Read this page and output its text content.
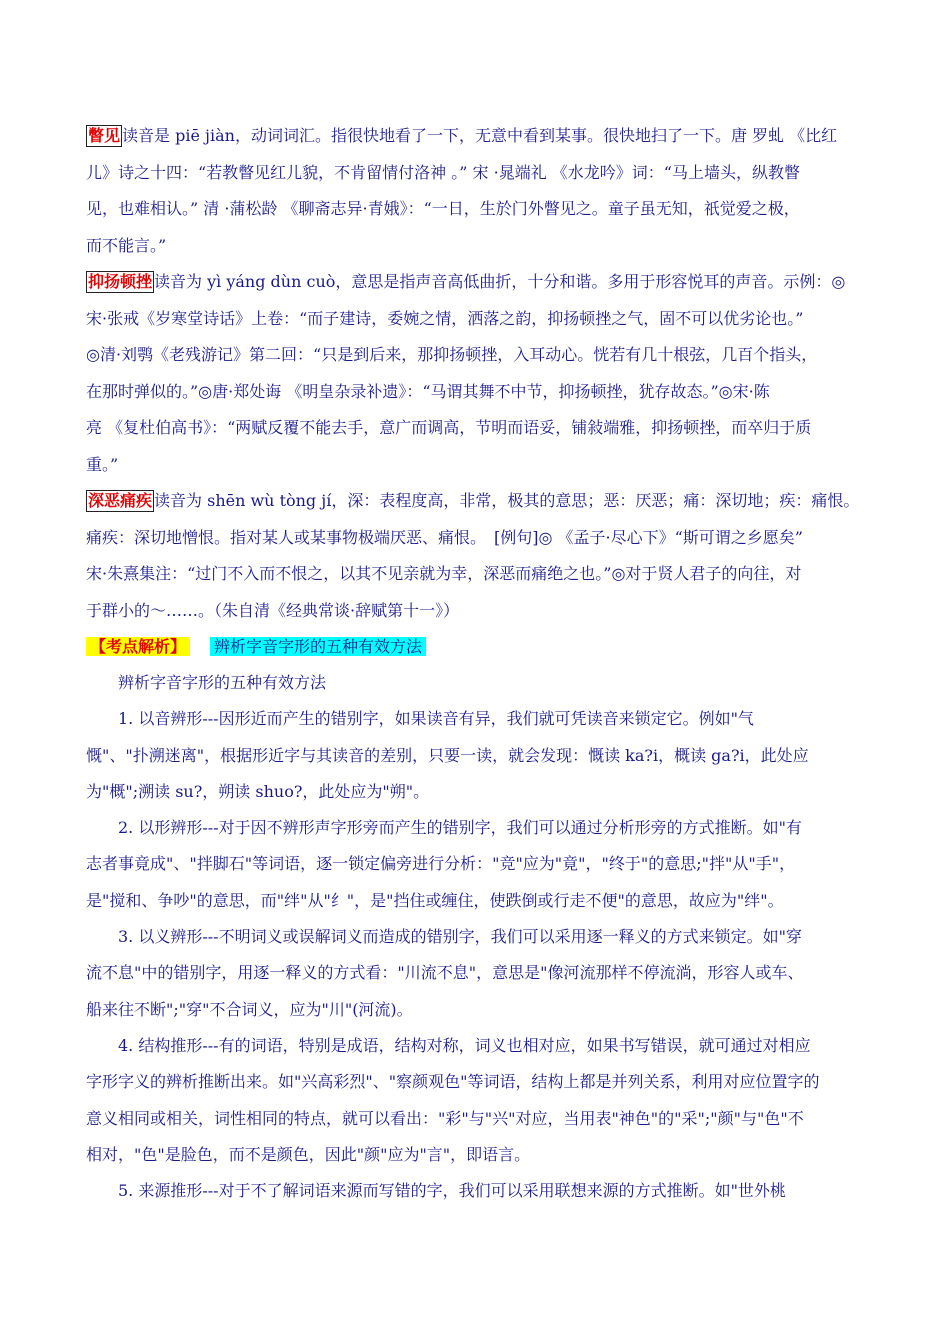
瞥见 读音是 piē jiàn，动词词汇。指很快地看了一下，无意中看到某事。很快地扫了一下。唐 罗虬 《比红
儿》诗之十四：“若教瞥见红儿貌，不肯留情付洛神 。” 宋 ·晁端礼 《水龙吟》词：“马上墙头，纵教瞥
见，也难相认。” 清 ·蒲松龄 《聊斋志异·青娥》：“一日，生於门外瞥见之。童子虽无知，祇觉爱之极，
而不能言。”
抑扬顿挫 读音为 yì yáng dùn cuò，意思是指声音高低曲折，十分和谐。多用于形容悦耳的声音。示例：◎
宋·张戒《岁寒堂诗话》上卷：“而子建诗，委婉之情，洒落之韵，抑扬顿挫之气，固不可以优劣论也。”
◎清·刘鹗《老残游记》第二回：“只是到后来，那抑扬顿挫，入耳动心。恍若有几十根弦，几百个指头，
在那时弹似的。”◎唐·郑处诲 《明皇杂录补遗》：“马谓其舞不中节，抑扬顿挫，犹存故态。”◎宋·陈
亮 《复杜伯高书》：“两赋反覆不能去手，意广而调高，节明而语妥，铺敍端雅，抑扬顿挫，而卒归于质
重。”
深恶痛疾 读音为 shēn wù tòng jí，深：表程度高，非常，极其的意思；恶：厌恶；痛：深切地；疾：痛恨。
痛疾：深切地憎恨。指对某人或某事物极端厌恶、痛恨。　[例句]◎ 《孟子·尽心下》“斯可谓之乡愿矣”
宋·朱熹集注：“过门不入而不恨之，以其不见亲就为幸，深恶而痛绝之也。”◎对于贤人君子的向往，对
于群小的～……。（朱自清《经典常谈·辞赋第十一》）
【考点解析】 辨析字音字形的五种有效方法
辨析字音字形的五种有效方法
1. 以音辨形---因形近而产生的错别字，如果读音有异，我们就可凭读音来锁定它。例如"气
慨"、"扑溯迷离"，根据形近字与其读音的差别，只要一读，就会发现：慨读 ka?i，概读 ga?i，此处应
为"概";溯读 su?，朔读 shuo?，此处应为"朔"。
2. 以形辨形---对于因不辨形声字形旁而产生的错别字，我们可以通过分析形旁的方式推断。如"有
志者事竟成"、"拌脚石"等词语，逐一锁定偏旁进行分析："竞"应为"竟"，"终于"的意思;"拌"从"手"，
是"搅和、争吵"的意思，而"绊"从"纟"，是"挡住或缠住，使跌倒或行走不便"的意思，故应为"绊"。
3. 以义辨形---不明词义或误解词义而造成的错别字，我们可以采用逐一释义的方式来锁定。如"穿
流不息"中的错别字，用逐一释义的方式看："川流不息"，意思是"像河流那样不停流淌，形容人或车、
船来往不断";"穿"不合词义，应为"川"(河流)。
4. 结构推形---有的词语，特别是成语，结构对称，词义也相对应，如果书写错误，就可通过对相应
字形字义的辨析推断出来。如"兴高彩烈"、"察颜观色"等词语，结构上都是并列关系，利用对应位置字的
意义相同或相关，词性相同的特点，就可以看出："彩"与"兴"对应，当用表"神色"的"采";"颜"与"色"不
相对，"色"是脸色，而不是颜色，因此"颜"应为"言"，即语言。
5. 来源推形---对于不了解词语来源而写错的字，我们可以采用联想来源的方式推断。如"世外桃
